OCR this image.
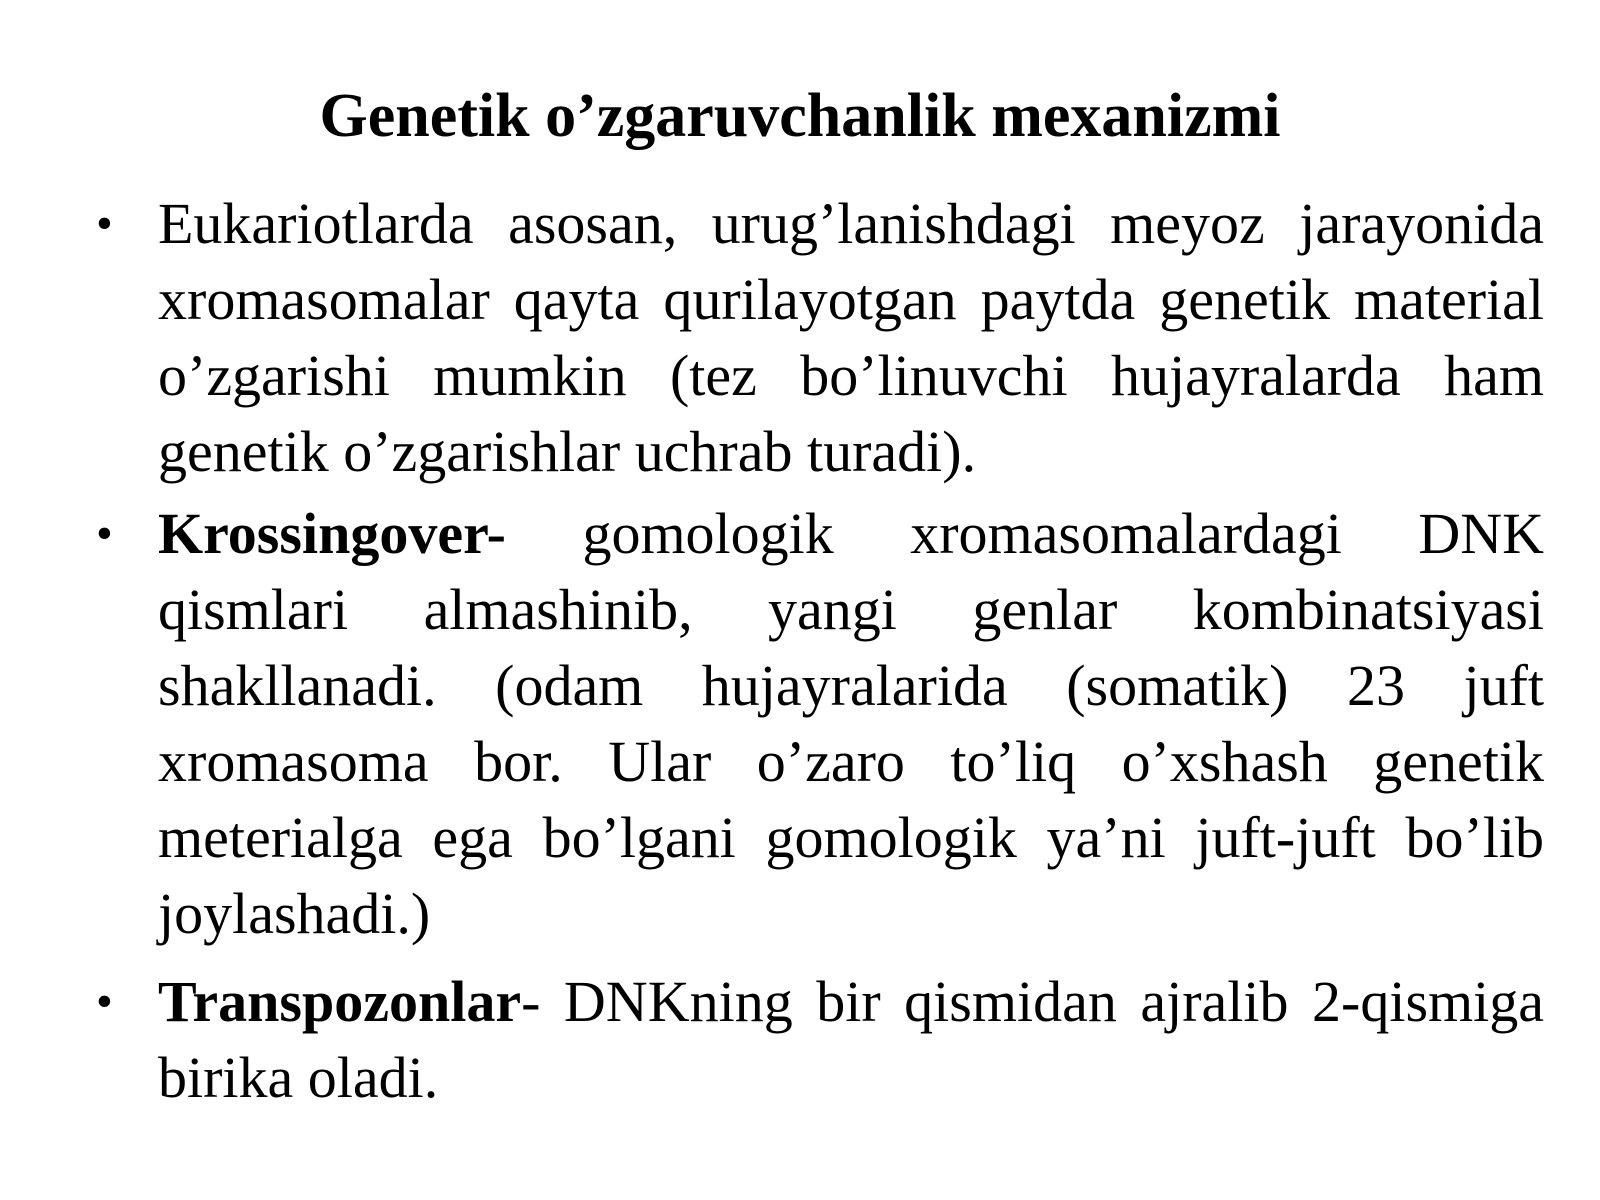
Genetik o’zgaruvchanlik mexanizmi
• Eukariotlarda asosan, urug’lanishdagi meyoz jarayonida xromasomalar qayta qurilayotgan paytda genetik material o’zgarishi mumkin (tez bo’linuvchi hujayralarda ham genetik o’zgarishlar uchrab turadi).
• Krossingover- gomologik xromasomalardagi DNK qismlari almashinib, yangi genlar kombinatsiyasi shakllanadi. (odam hujayralarida (somatik) 23 juft xromasoma bor. Ular o’zaro to’liq o’xshash genetik meterialga ega bo’lgani gomologik ya’ni juft-juft bo’lib joylashadi.)
• Transpozonlar- DNKning bir qismidan ajralib 2-qismiga birika oladi.
